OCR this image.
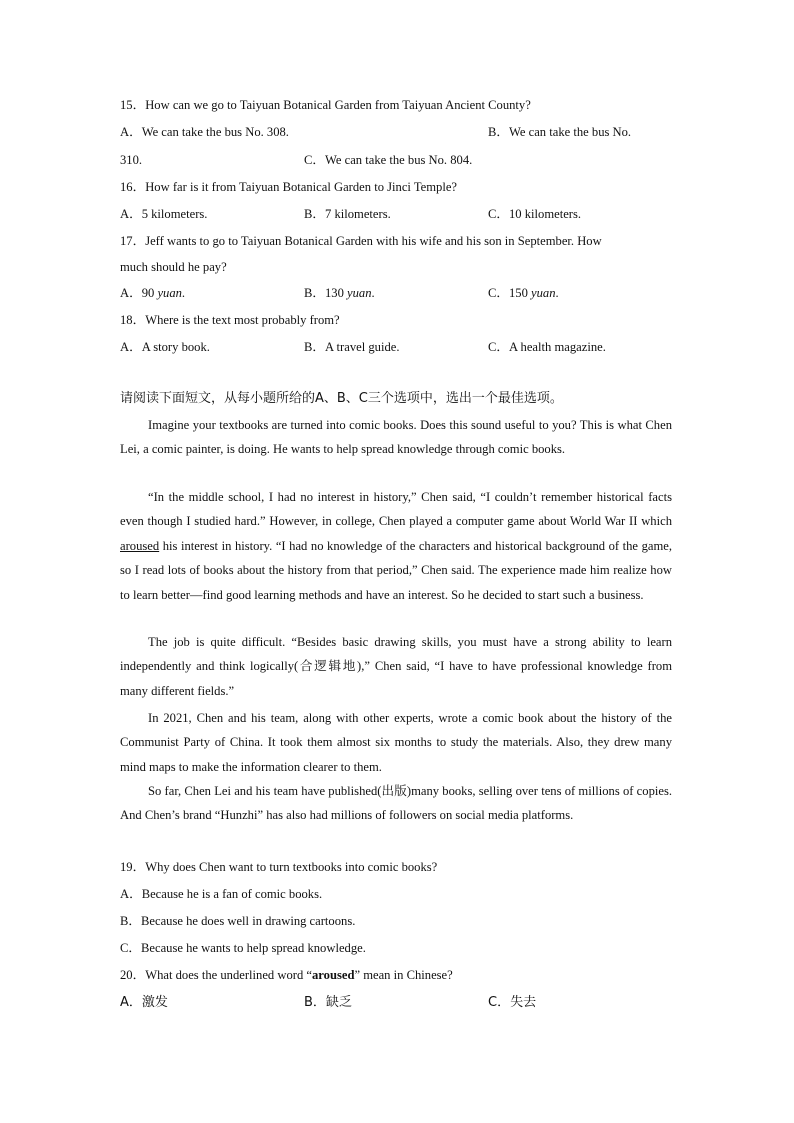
15．How can we go to Taiyuan Botanical Garden from Taiyuan Ancient County?
A．We can take the bus No. 308.	B．We can take the bus No.
310.	C．We can take the bus No. 804.
16．How far is it from Taiyuan Botanical Garden to Jinci Temple?
A．5 kilometers.	B．7 kilometers.	C．10 kilometers.
17．Jeff wants to go to Taiyuan Botanical Garden with his wife and his son in September. How
much should he pay?
A．90 yuan.	B．130 yuan.	C．150 yuan.
18．Where is the text most probably from?
A．A story book.	B．A travel guide.	C．A health magazine.
请阅读下面短文，从每小题所给的A、B、C三个选项中，选出一个最佳选项。
Imagine your textbooks are turned into comic books. Does this sound useful to you? This is what Chen Lei, a comic painter, is doing. He wants to help spread knowledge through comic books.
“In the middle school, I had no interest in history,” Chen said, “I couldn’t remember historical facts even though I studied hard.” However, in college, Chen played a computer game about World War II which aroused his interest in history. “I had no knowledge of the characters and historical background of the game, so I read lots of books about the history from that period,” Chen said. The experience made him realize how to learn better—find good learning methods and have an interest. So he decided to start such a business.
The job is quite difficult. “Besides basic drawing skills, you must have a strong ability to learn independently and think logically(合逻辑地),” Chen said, “I have to have professional knowledge from many different fields.”
In 2021, Chen and his team, along with other experts, wrote a comic book about the history of the Communist Party of China. It took them almost six months to study the materials. Also, they drew many mind maps to make the information clearer to them.
So far, Chen Lei and his team have published(出版)many books, selling over tens of millions of copies. And Chen’s brand “Hunzhi” has also had millions of followers on social media platforms.
19．Why does Chen want to turn textbooks into comic books?
A．Because he is a fan of comic books.
B．Because he does well in drawing cartoons.
C．Because he wants to help spread knowledge.
20．What does the underlined word “aroused” mean in Chinese?
A．激发	B．缺乏	C．失去
